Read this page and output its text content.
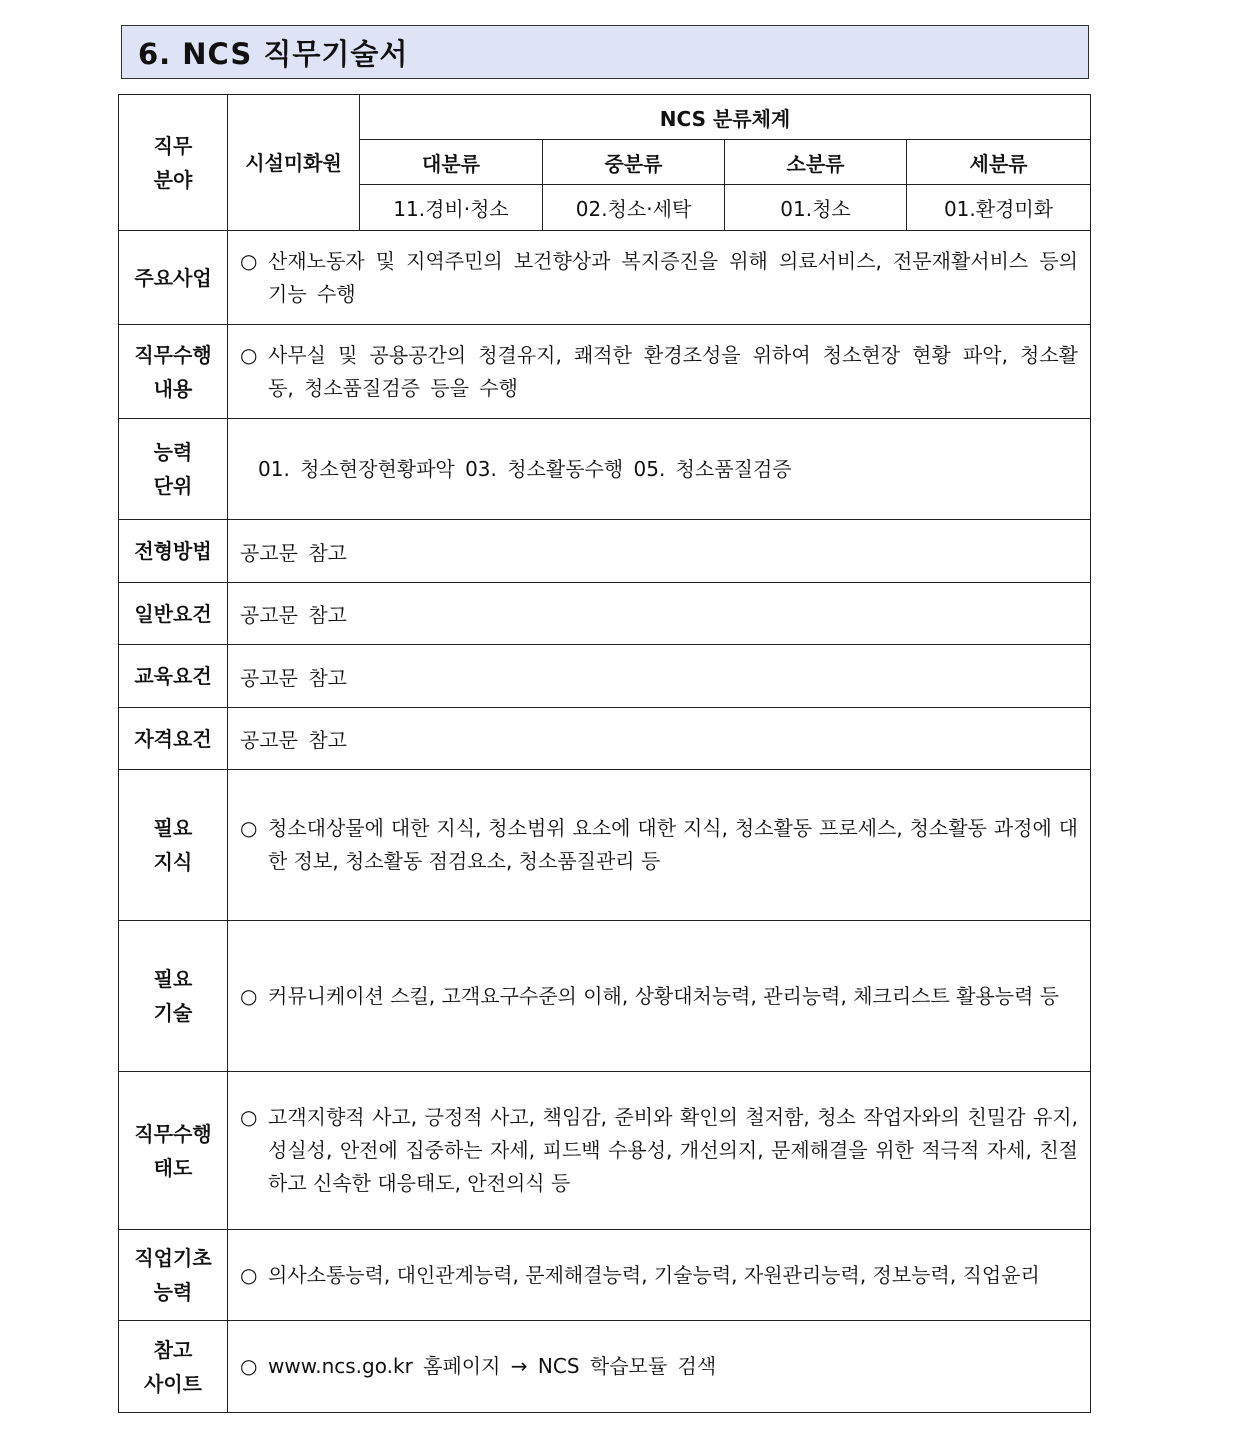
6. NCS 직무기술서
직무
분야	시설미화원	NCS 분류체계			
		대분류	중분류	소분류	세분류
		11.경비·청소	02.청소·세탁	01.청소	01.환경미화
주요사업	○ 산재노동자 및 지역주민의 보건향상과 복지증진을 위해 의료서비스, 전문재활서비스 등의 기능 수행				

직무수행
내용	○ 사무실 및 공용공간의 청결유지, 쾌적한 환경조성을 위하여 청소현장 현황 파악, 청소활동, 청소품질검증 등을 수행				

능력
단위	01. 청소현장현황파악 03. 청소활동수행 05. 청소품질검증				
전형방법	공고문 참고				
일반요건	공고문 참고				
교육요건	공고문 참고				
자격요건	공고문 참고				
필요
지식	○ 청소대상물에 대한 지식, 청소범위 요소에 대한 지식, 청소활동 프로세스, 청소활동 과정에 대한 정보, 청소활동 점검요소, 청소품질관리 등				

필요
기술	○ 커뮤니케이션 스킬, 고객요구수준의 이해, 상황대처능력, 관리능력, 체크리스트 활용능력 등				

직무수행
태도	○ 고객지향적 사고, 긍정적 사고, 책임감, 준비와 확인의 철저함, 청소 작업자와의 친밀감 유지, 성실성, 안전에 집중하는 자세, 피드백 수용성, 개선의지, 문제해결을 위한 적극적 자세, 친절하고 신속한 대응태도, 안전의식 등				

직업기초
능력	○ 의사소통능력, 대인관계능력, 문제해결능력, 기술능력, 자원관리능력, 정보능력, 직업윤리				

참고
사이트	○ www.ncs.go.kr 홈페이지 → NCS 학습모듈 검색				
